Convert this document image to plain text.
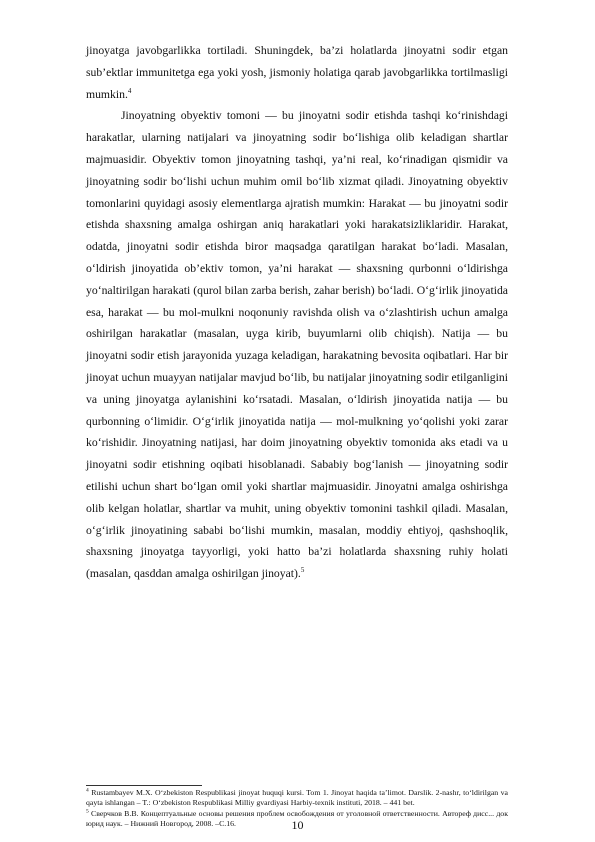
jinoyatga javobgarlikka tortiladi. Shuningdek, ba’zi holatlarda jinoyatni sodir etgan sub’ektlar immunitetga ega yoki yosh, jismoniy holatiga qarab javobgarlikka tortilmasligi mumkin.$^4$

Jinoyatning obyektiv tomoni — bu jinoyatni sodir etishda tashqi ko‘rinishdagi harakatlar, ularning natijalari va jinoyatning sodir bo‘lishiga olib keladigan shartlar majmuasidir. Obyektiv tomon jinoyatning tashqi, ya’ni real, ko‘rinadigan qismidir va jinoyatning sodir bo‘lishi uchun muhim omil bo‘lib xizmat qiladi. Jinoyatning obyektiv tomonlarini quyidagi asosiy elementlarga ajratish mumkin: Harakat — bu jinoyatni sodir etishda shaxsning amalga oshirgan aniq harakatlari yoki harakatsizliklaridir. Harakat, odatda, jinoyatni sodir etishda biror maqsadga qaratilgan harakat bo‘ladi. Masalan, o‘ldirish jinoyatida ob’ektiv tomon, ya’ni harakat — shaxsning qurbonni o‘ldirishga yo‘naltirilgan harakati (qurol bilan zarba berish, zahar berish) bo‘ladi. O‘g‘irlik jinoyatida esa, harakat — bu mol-mulkni noqonuniy ravishda olish va o‘zlashtirish uchun amalga oshirilgan harakatlar (masalan, uyga kirib, buyumlarni olib chiqish). Natija — bu jinoyatni sodir etish jarayonida yuzaga keladigan, harakatning bevosita oqibatlari. Har bir jinoyat uchun muayyan natijalar mavjud bo‘lib, bu natijalar jinoyatning sodir etilganligini va uning jinoyatga aylanishini ko‘rsatadi. Masalan, o‘ldirish jinoyatida natija — bu qurbonning o‘limidir. O‘g‘irlik jinoyatida natija — mol-mulkning yo‘qolishi yoki zarar ko‘rishidir. Jinoyatning natijasi, har doim jinoyatning obyektiv tomonida aks etadi va u jinoyatni sodir etishning oqibati hisoblanadi. Sababiy bog‘lanish — jinoyatning sodir etilishi uchun shart bo‘lgan omil yoki shartlar majmuasidir. Jinoyatni amalga oshirishga olib kelgan holatlar, shartlar va muhit, uning obyektiv tomonini tashkil qiladi. Masalan, o‘g‘irlik jinoyatining sababi bo‘lishi mumkin, masalan, moddiy ehtiyoj, qashshoqlik, shaxsning jinoyatga tayyorligi, yoki hatto ba’zi holatlarda shaxsning ruhiy holati (masalan, qasddan amalga oshirilgan jinoyat).$^5$

$^4$ Rustambayev M.X. O‘zbekiston Respublikasi jinoyat huquqi kursi. Tom 1. Jinoyat haqida ta’limot. Darslik. 2-nashr, to‘ldirilgan va qayta ishlangan – T.: O‘zbekiston Respublikasi Milliy gvardiyasi Harbiy-texnik instituti, 2018. – 441 bet.

$^5$ Сверчков В.В. Концептуальные основы решения проблем освобождения от уголовной ответственности. Автореф дисс... док юрид наук. – Нижний Новгород, 2008. –С.16.	10
